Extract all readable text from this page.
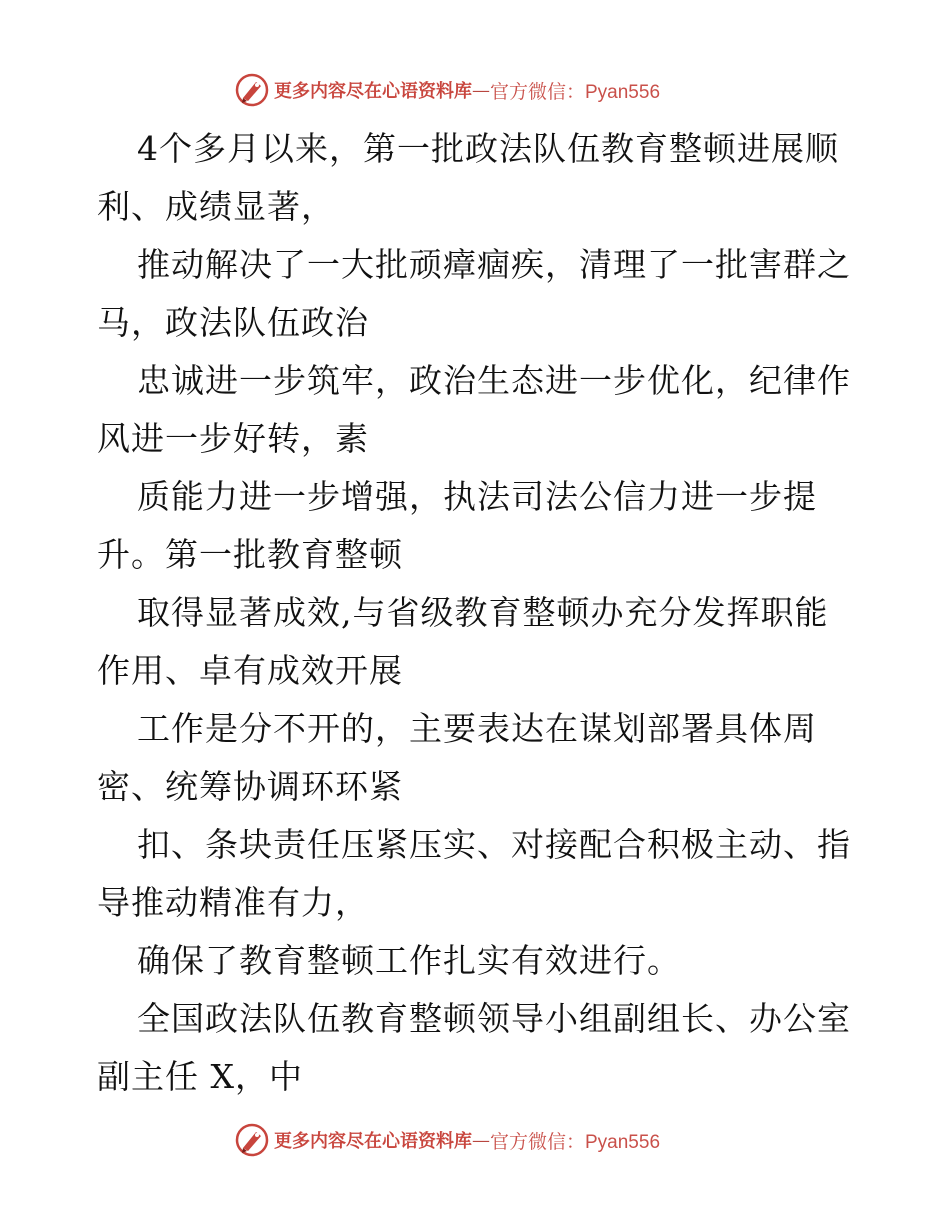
更多内容尽在心语资料库 — 官方微信：Pyan556

4个多月以来，第一批政法队伍教育整顿进展顺利、成绩显著，

推动解决了一大批顽瘴痼疾，清理了一批害群之马，政法队伍政治

忠诚进一步筑牢，政治生态进一步优化，纪律作风进一步好转，素

质能力进一步增强，执法司法公信力进一步提升。第一批教育整顿

取得显著成效,与省级教育整顿办充分发挥职能作用、卓有成效开展

工作是分不开的，主要表达在谋划部署具体周密、统筹协调环环紧

扣、条块责任压紧压实、对接配合积极主动、指导推动精准有力，

确保了教育整顿工作扎实有效进行。

全国政法队伍教育整顿领导小组副组长、办公室副主任 X，中

更多内容尽在心语资料库 — 官方微信：Pyan556
